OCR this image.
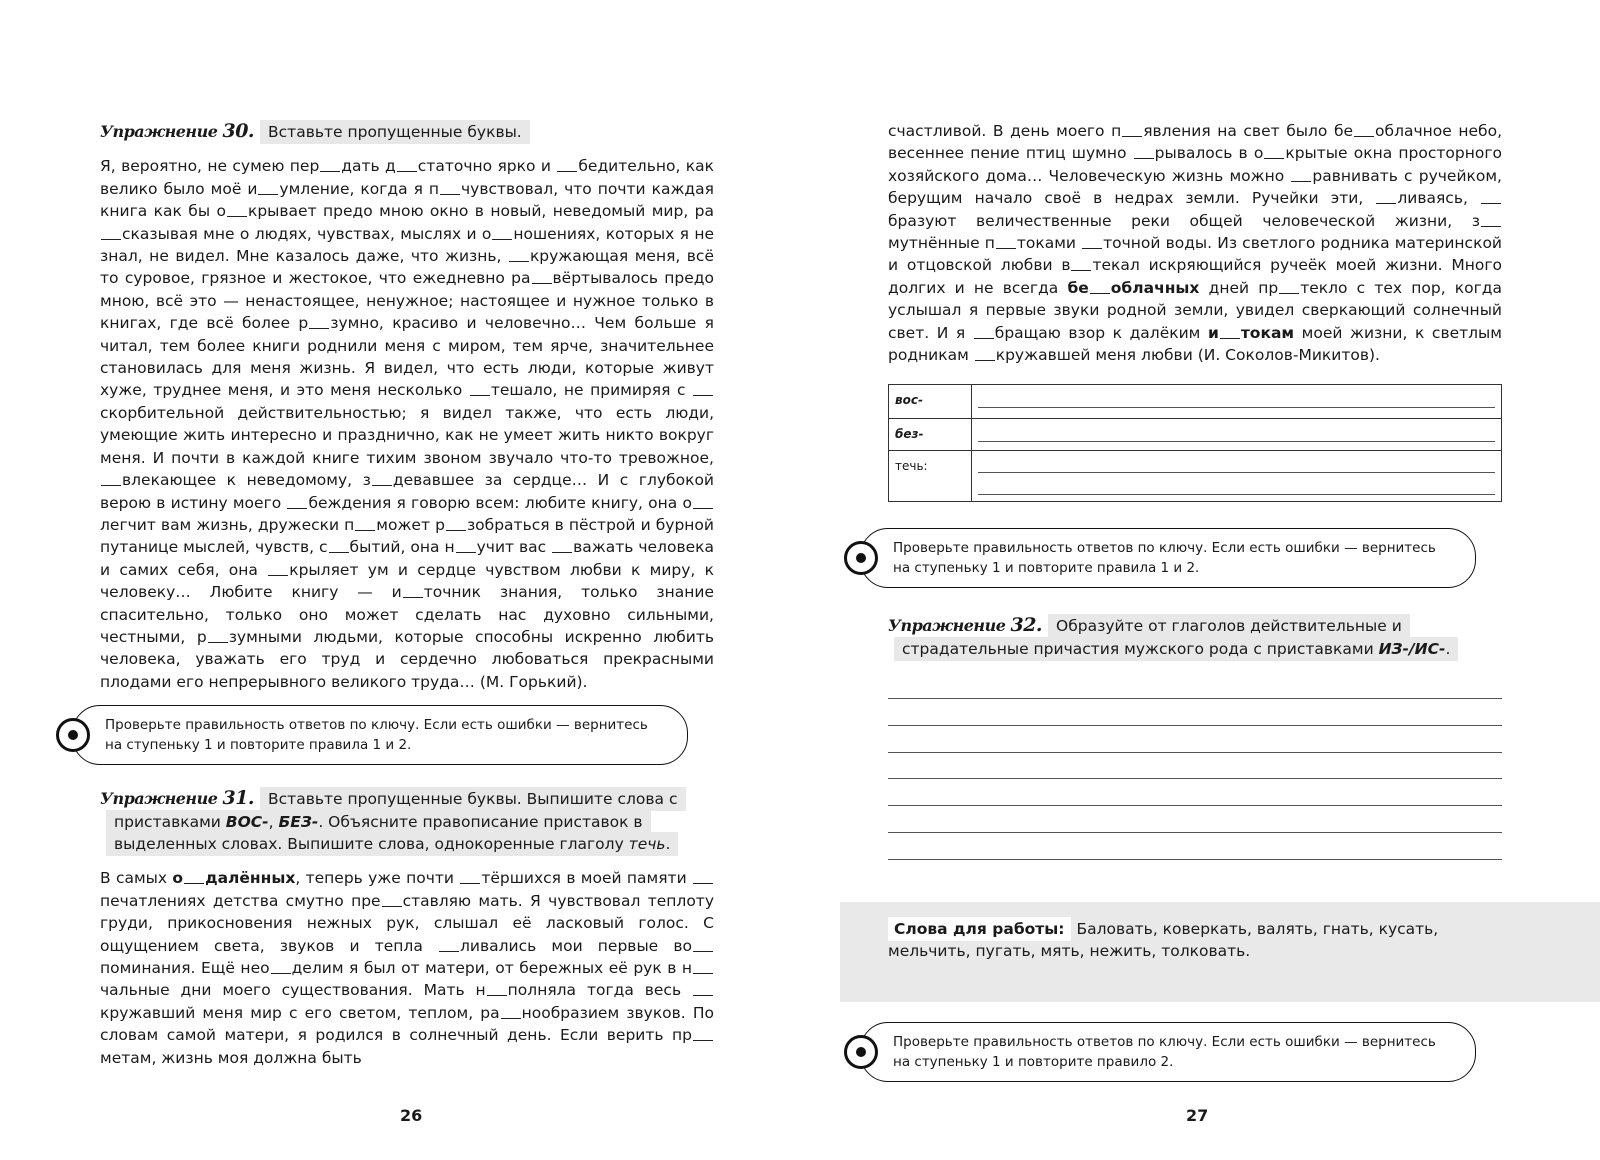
Упражнение 30. Вставьте пропущенные буквы.

Я, вероятно, не сумею пер дать д статочно ярко и бедительно, как велико было моё и умление, когда я п чувствовал, что почти каждая книга как бы о крывает предо мною окно в новый, неведомый мир, расказывая мне о людях, чувствах, мыслях и о ношениях, которых я не знал, не видел. Мне казалось даже, что жизнь, кружающая меня, всё то суровое, грязное и жестокое, что ежедневно ра вёртывалось предо мною, всё это — ненастоящее, ненужное; настоящее и нужное только в книгах, где всё более р зумно, красиво и человечно… Чем больше я читал, тем более книги роднили меня с миром, тем ярче, значительнее становилась для меня жизнь. Я видел, что есть люди, которые живут хуже, труднее меня, и это меня несколько тешало, не примиряя с скорбительной действительностью; я видел также, что есть люди, умеющие жить интересно и празднично, как не умеет жить никто вокруг меня. И почти в каждой книге тихим звоном звучало что-то тревожное, влекающее к неведомому, з девавшее за сердце… И с глубокой верою в истину моего беждения я говорю всем: любите книгу, она олегчит вам жизнь, дружески п может р зобраться в пёстрой и бурной путанице мыслей, чувств, с бытий, она н учит вас важать человека и самих себя, она крыляет ум и сердце чувством любви к миру, к человеку… Любите книгу — и точник знания, только знание спасительно, только оно может сделать нас духовно сильными, честными, р зумными людьми, которые способны искренно любить человека, уважать его труд и сердечно любоваться прекрасными плодами его непрерывного великого труда… (М. Горький).

Проверьте правильность ответов по ключу. Если есть ошибки — вернитесь на ступеньку 1 и повторите правила 1 и 2.
Упражнение 31. Вставьте пропущенные буквы. Выпишите слова с приставками ВОС-, БЕЗ-. Объясните правописание приставок в выделенных словах. Выпишите слова, однокоренные глаголу течь.

В самых о далённых, теперь уже почти тёршихся в моей памяти печатлениях детства смутно пре ставляю мать. Я чувствовал теплоту груди, прикосновения нежных рук, слышал её ласковый голос. С ощущением света, звуков и тепла ливались мои первые вопоминания. Ещё нео делим я был от матери, от бережных её рук в нчальные дни моего существования. Мать н полняла тогда весь кружавший меня мир с его светом, теплом, ра нообразием звуков. По словам самой матери, я родился в солнечный день. Если верить прметам, жизнь моя должна быть

счастливой. В день моего п явления на свет было бе облачное небо, весеннее пение птиц шумно рывалось в о крытые окна просторного хозяйского дома… Человеческую жизнь можно равнивать с ручейком, берущим начало своё в недрах земли. Ручейки эти, ливаясь, бразуют величественные реки общей человеческой жизни, змутнённые п токами точной воды. Из светлого родника материнской и отцовской любви в текал искряющийся ручеёк моей жизни. Много долгих и не всегда бе облачных дней пр текло с тех пор, когда услышал я первые звуки родной земли, увидел сверкающий солнечный свет. И я бращаю взор к далёким и токам моей жизни, к светлым родникам кружавшей меня любви (И. Соколов-Микитов).

вос-	

без-	

течь:	
Проверьте правильность ответов по ключу. Если есть ошибки — вернитесь на ступеньку 1 и повторите правила 1 и 2.
Упражнение 32. Образуйте от глаголов действительные и страдательные причастия мужского рода с приставками ИЗ-/ИС-.
Слова для работы: Баловать, коверкать, валять, гнать, кусать, мельчить, пугать, мять, нежить, толковать.
Проверьте правильность ответов по ключу. Если есть ошибки — вернитесь на ступеньку 1 и повторите правило 2.
26	27
